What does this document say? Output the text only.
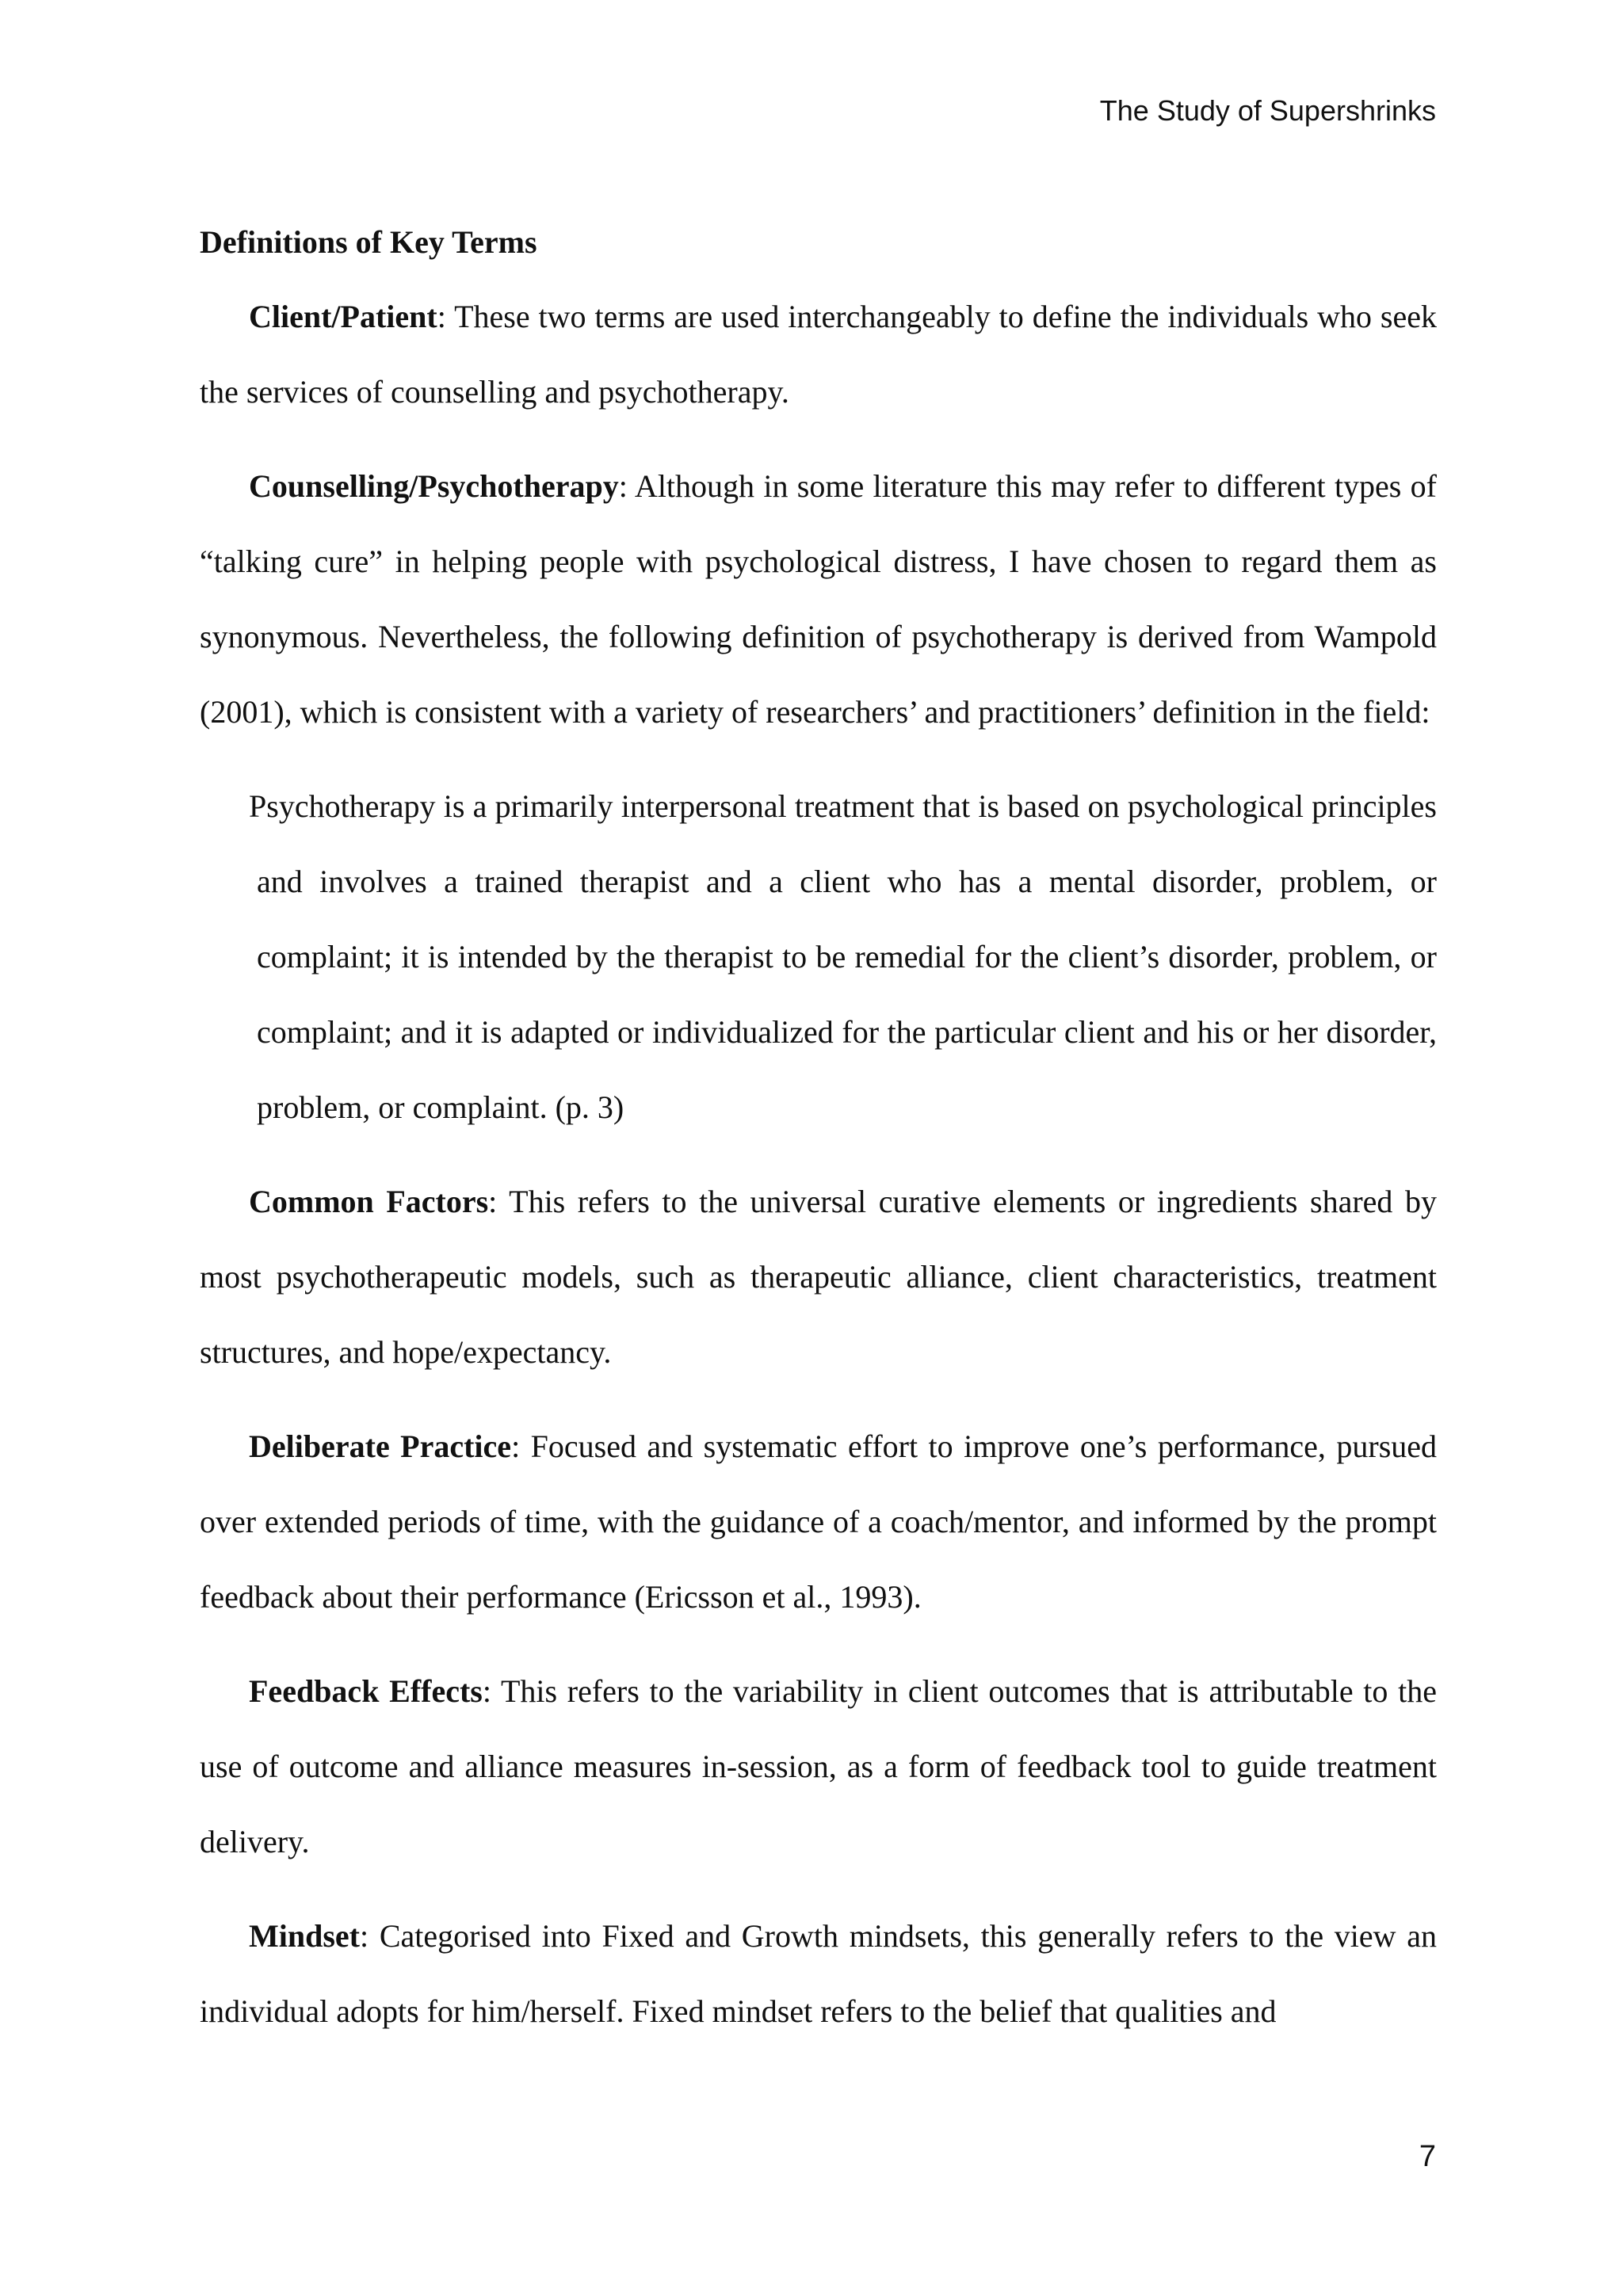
The Study of Supershrinks
Definitions of Key Terms

Client/Patient: These two terms are used interchangeably to define the individuals who seek the services of counselling and psychotherapy.

Counselling/Psychotherapy: Although in some literature this may refer to different types of “talking cure” in helping people with psychological distress, I have chosen to regard them as synonymous. Nevertheless, the following definition of psychotherapy is derived from Wampold (2001), which is consistent with a variety of researchers’ and practitioners’ definition in the field:

Psychotherapy is a primarily interpersonal treatment that is based on psychological principles and involves a trained therapist and a client who has a mental disorder, problem, or complaint; it is intended by the therapist to be remedial for the client’s disorder, problem, or complaint; and it is adapted or individualized for the particular client and his or her disorder, problem, or complaint. (p. 3)

Common Factors: This refers to the universal curative elements or ingredients shared by most psychotherapeutic models, such as therapeutic alliance, client characteristics, treatment structures, and hope/expectancy.

Deliberate Practice: Focused and systematic effort to improve one’s performance, pursued over extended periods of time, with the guidance of a coach/mentor, and informed by the prompt feedback about their performance (Ericsson et al., 1993).

Feedback Effects: This refers to the variability in client outcomes that is attributable to the use of outcome and alliance measures in-session, as a form of feedback tool to guide treatment delivery.

Mindset: Categorised into Fixed and Growth mindsets, this generally refers to the view an individual adopts for him/herself. Fixed mindset refers to the belief that qualities and

7
